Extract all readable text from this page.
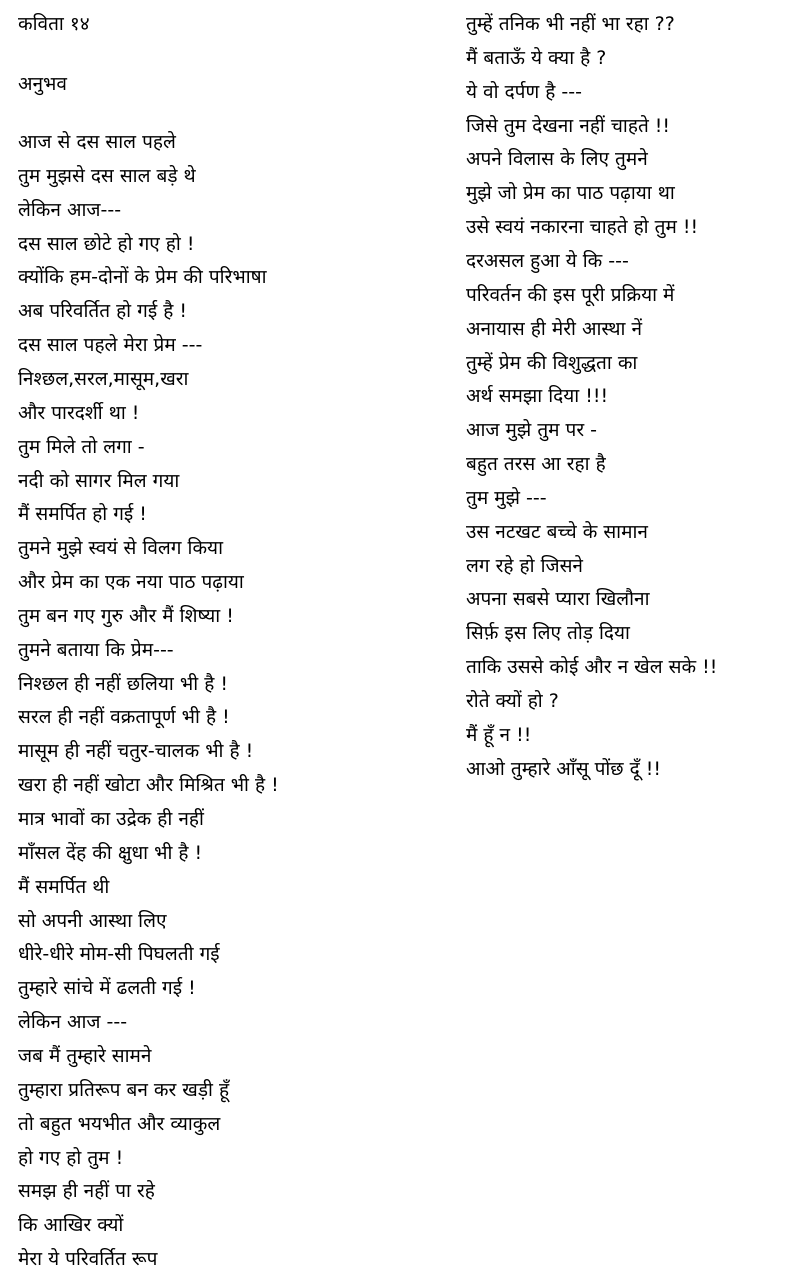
कविता १४
अनुभव
आज से दस साल पहले
तुम मुझसे दस साल बड़े थे
लेकिन आज---
दस साल छोटे हो गए हो !
क्योंकि हम-दोनों के प्रेम की परिभाषा
अब परिवर्तित हो गई है !
दस साल पहले मेरा प्रेम ---
निश्छल,सरल,मासूम,खरा
और पारदर्शी था !
तुम मिले तो लगा -
नदी को सागर मिल गया
मैं समर्पित हो गई !
तुमने मुझे स्वयं से विलग किया
और प्रेम का एक नया पाठ पढ़ाया
तुम बन गए गुरु और मैं शिष्या !
तुमने बताया कि प्रेम---
निश्छल ही नहीं छलिया भी है !
सरल ही नहीं वक्रतापूर्ण भी है !
मासूम ही नहीं चतुर-चालक भी है !
खरा ही नहीं खोटा और मिश्रित भी है !
मात्र भावों का उद्रेक ही नहीं
माँसल देंह की क्षुधा भी है !
मैं समर्पित थी
सो अपनी आस्था लिए
धीरे-धीरे मोम-सी पिघलती गई
तुम्हारे सांचे में ढलती गई !
लेकिन आज ---
जब मैं तुम्हारे सामने
तुम्हारा प्रतिरूप बन कर खड़ी हूँ
तो बहुत भयभीत और व्याकुल
हो गए हो तुम !
समझ ही नहीं पा रहे
कि आखिर क्यों
मेरा ये परिवर्तित रूप
तुम्हें तनिक भी नहीं भा रहा ??
मैं बताऊँ ये क्या है ?
ये वो दर्पण है ---
जिसे तुम देखना नहीं चाहते !!
अपने विलास के लिए तुमने
मुझे जो प्रेम का पाठ पढ़ाया था
उसे स्वयं नकारना चाहते हो तुम !!
दरअसल हुआ ये कि ---
परिवर्तन की इस पूरी प्रक्रिया में
अनायास ही मेरी आस्था नें
तुम्हें प्रेम की विशुद्धता का
अर्थ समझा दिया !!!
आज मुझे तुम पर -
बहुत तरस आ रहा है
तुम मुझे ---
उस नटखट बच्चे के सामान
लग रहे हो जिसने
अपना सबसे प्यारा खिलौना
सिर्फ़ इस लिए तोड़ दिया
ताकि उससे कोई और न खेल सके !!
रोते क्यों हो ?
मैं हूँ न !!
आओ तुम्हारे आँसू पोंछ दूँ !!
